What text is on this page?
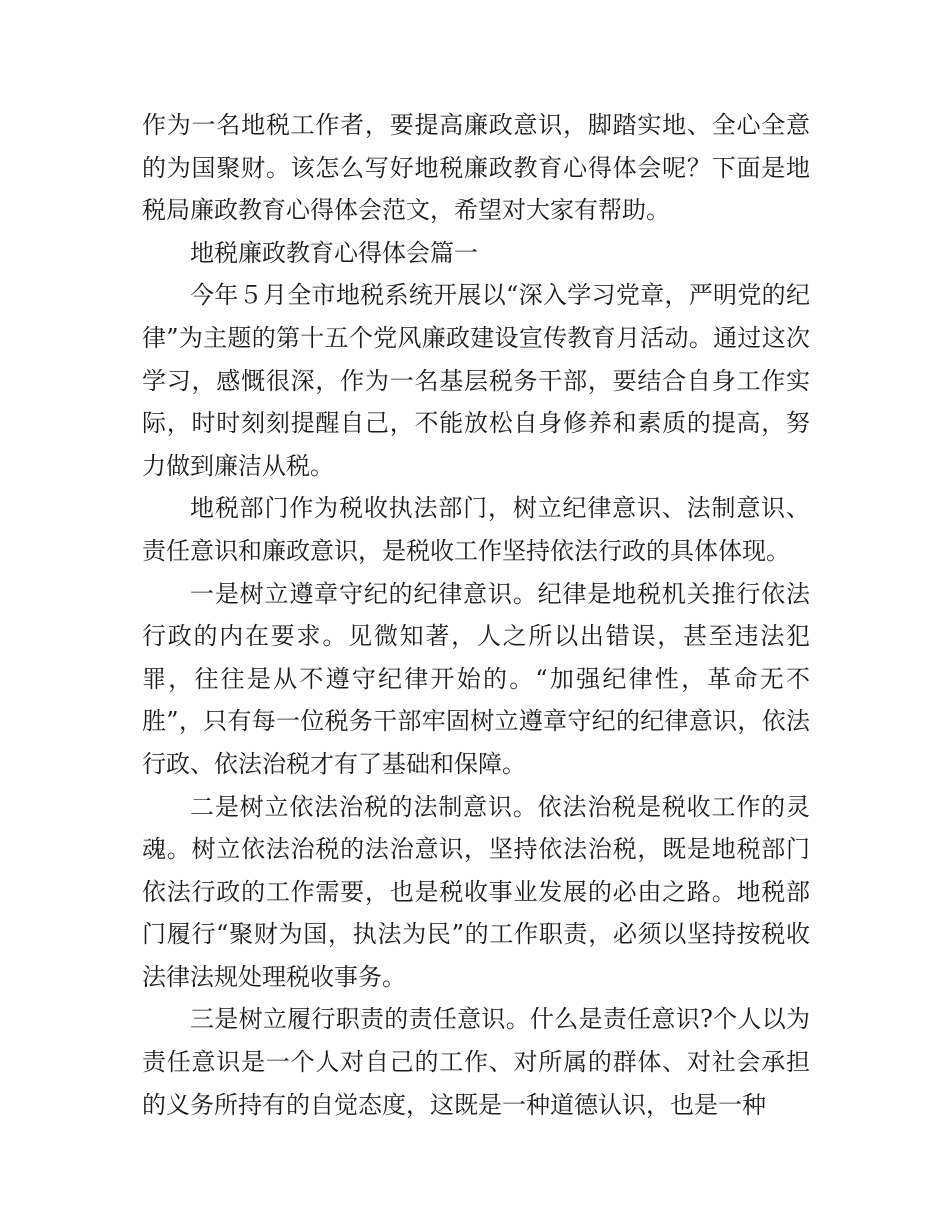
作为一名地税工作者，要提高廉政意识，脚踏实地、全心全意的为国聚财。该怎么写好地税廉政教育心得体会呢？下面是地税局廉政教育心得体会范文，希望对大家有帮助。

地税廉政教育心得体会篇一

今年５月全市地税系统开展以“深入学习党章，严明党的纪律”为主题的第十五个党风廉政建设宣传教育月活动。通过这次学习，感慨很深，作为一名基层税务干部，要结合自身工作实际，时时刻刻提醒自己，不能放松自身修养和素质的提高，努力做到廉洁从税。

地税部门作为税收执法部门，树立纪律意识、法制意识、责任意识和廉政意识，是税收工作坚持依法行政的具体体现。

一是树立遵章守纪的纪律意识。纪律是地税机关推行依法行政的内在要求。见微知著，人之所以出错误，甚至违法犯罪，往往是从不遵守纪律开始的。“加强纪律性，革命无不胜”，只有每一位税务干部牢固树立遵章守纪的纪律意识，依法行政、依法治税才有了基础和保障。

二是树立依法治税的法制意识。依法治税是税收工作的灵魂。树立依法治税的法治意识，坚持依法治税，既是地税部门依法行政的工作需要，也是税收事业发展的必由之路。地税部门履行“聚财为国，执法为民”的工作职责，必须以坚持按税收法律法规处理税收事务。

三是树立履行职责的责任意识。什么是责任意识?个人以为责任意识是一个人对自己的工作、对所属的群体、对社会承担的义务所持有的自觉态度，这既是一种道德认识，也是一种
